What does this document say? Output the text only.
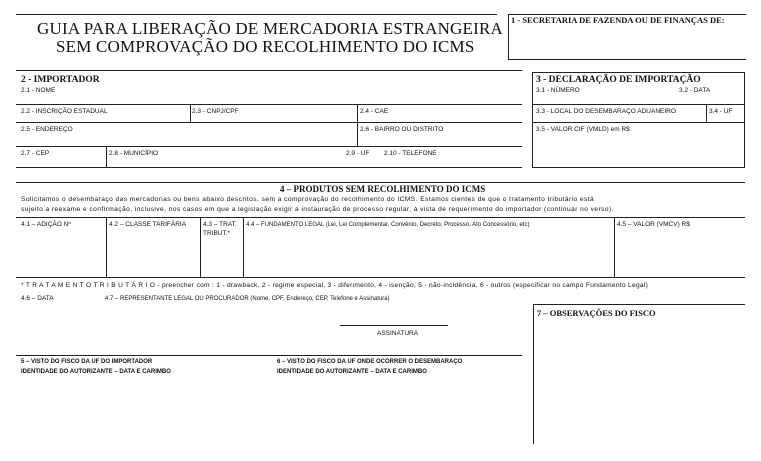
GUIA PARA LIBERAÇÃO DE MERCADORIA ESTRANGEIRA
SEM COMPROVAÇÃO DO RECOLHIMENTO DO ICMS
1 - SECRETARIA DE FAZENDA OU DE FINANÇAS DE:
2 - IMPORTADOR
2.1 - NOME
2.2 - INSCRIÇÃO ESTADUAL	2.3 - CNPJ/CPF	2.4 - CAE
2.5 - ENDEREÇO	2.6 - BAIRRO OU DISTRITO
2.7 - CEP	2.8 - MUNICÍPIO	2.9 - UF 2.10 - TELEFONE
3 - DECLARAÇÃO DE IMPORTAÇÃO
3.1 - NÚMERO	3.2 - DATA
3.3 - LOCAL DO DESEMBARAÇO ADUANEIRO	3.4 - UF
3.5 - VALOR CIF (VMLD) em R$
4 – PRODUTOS SEM RECOLHIMENTO DO ICMS
Solicitamos o desembaraço das mercadorias ou bens abaixo descritos, sem a comprovação do recolhimento do ICMS. Estamos cientes de que o tratamento tributário está
sujeito a reexame e confirmação, inclusive, nos casos em que a legislação exigir a instauração de processo regular, à vista de requerimento do importador (continuar no verso).
4.1 – ADIÇÃO Nº	4.2 – CLASSE TARIFÁRIA	4.3 – TRAT.
TRIBUT.*
4.4 – FUNDAMENTO LEGAL (Lei, Lei Complementar, Convênio, Decreto, Processo, Ato Concessório, etc)	4.5 – VALOR (VMCV) R$
* T R A T A M E N T O T R I B U T Á R I O - preencher com : 1 - drawback, 2 - regime especial, 3 - diferimento, 4 - isenção, 5 - não-incidência, 6 - outros (especificar no campo Fundamento Legal)
4.6 – DATA	4.7 – REPRESENTANTE LEGAL OU PROCURADOR (Nome, CPF, Endereço, CEP, Telefone e Assinatura)
ASSINATURA
5 – VISTO DO FISCO DA UF DO IMPORTADOR
IDENTIDADE DO AUTORIZANTE – DATA E CARIMBO
6 – VISTO DO FISCO DA UF ONDE OCORRER O DESEMBARAÇO
IDENTIDADE DO AUTORIZANTE – DATA E CARIMBO
7 – OBSERVAÇÕES DO FISCO
